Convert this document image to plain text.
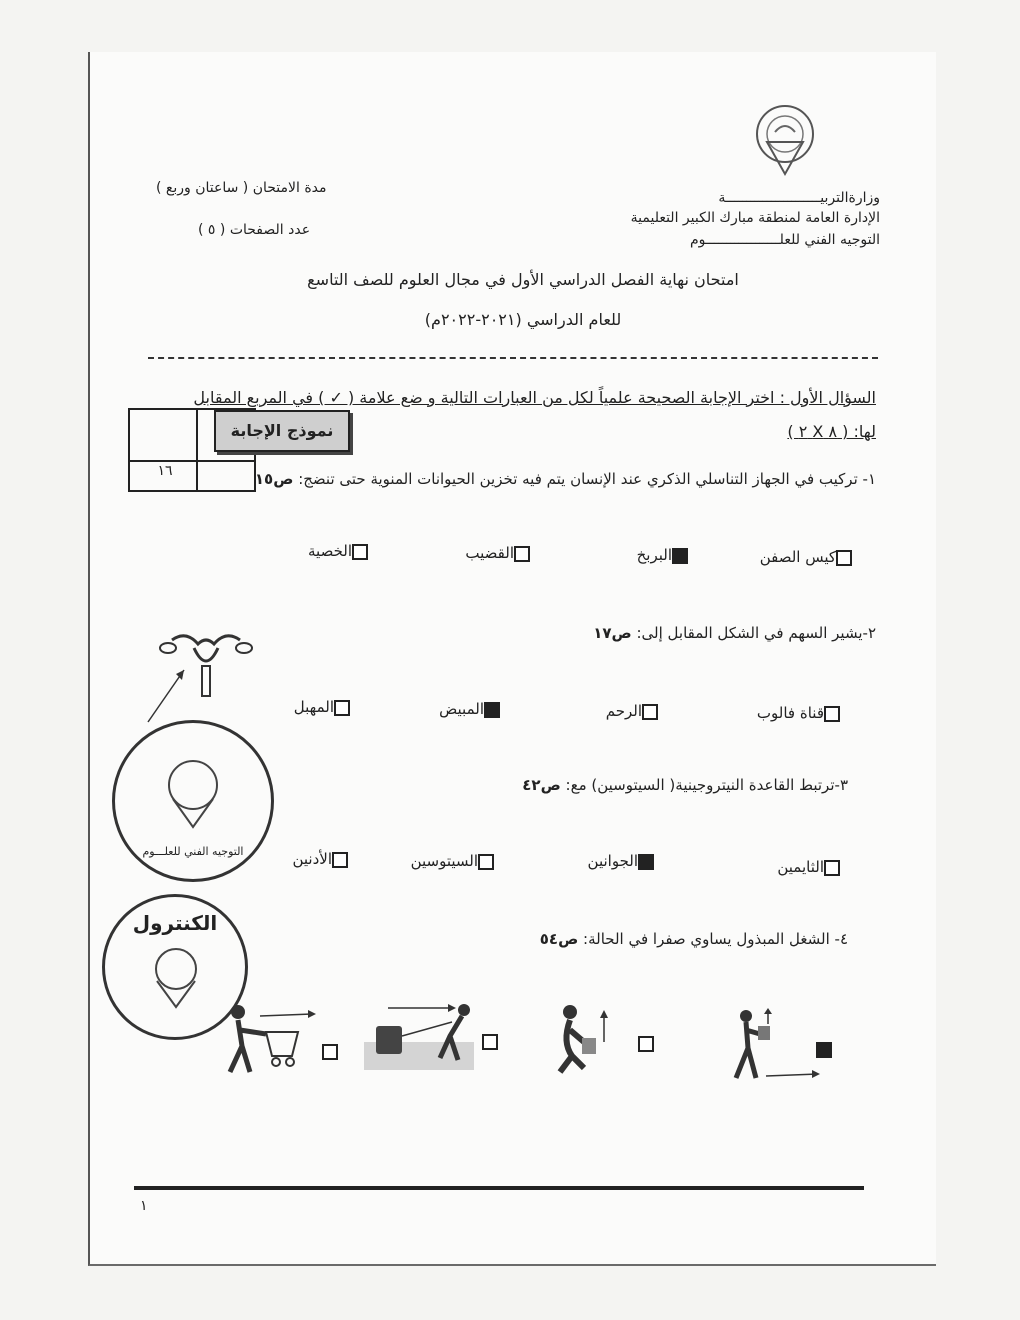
وزارةالتربيـــــــــــــــــــــــة
الإدارة العامة لمنطقة مبارك الكبير التعليمية
التوجيه الفني للعلــــــــــــــــــوم
مدة الامتحان ( ساعتان وربع )
عدد الصفحات ( ٥ )
امتحان نهاية الفصل الدراسي الأول في مجال العلوم للصف التاسع
للعام الدراسي (٢٠٢١-٢٠٢٢م)
السؤال الأول : اختر الإجابة الصحيحة علمياً لكل من العبارات التالية و ضع علامة ( ✓ ) في المربع المقابل
لها: ( ٨ X ٢ )
١٦
نموذج الإجابة
١- تركيب في الجهاز التناسلي الذكري عند الإنسان يتم فيه تخزين الحيوانات المنوية حتى تنضج: ص١٥
كيس الصفن
البربخ
القضيب
الخصية
٢-يشير السهم في الشكل المقابل إلى: ص١٧
قناة فالوب
الرحم
المبيض
المهبل
٣-ترتبط القاعدة النيتروجينية( السيتوسين) مع: ص٤٢
الثايمين
الجوانين
السيتوسين
الأدنين
٤- الشغل المبذول يساوي صفرا في الحالة: ص٥٤
التوجيه الفني للعلـــوم
الكنترول
١
